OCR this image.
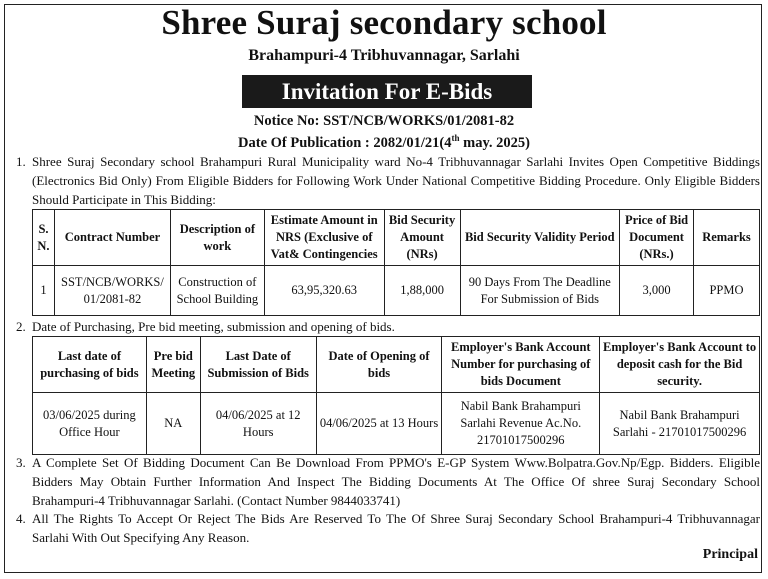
Shree Suraj secondary school
Brahampuri-4 Tribhuvannagar, Sarlahi
Invitation For E-Bids
Notice No: SST/NCB/WORKS/01/2081-82
Date Of Publication : 2082/01/21(4th may. 2025)
1. Shree Suraj Secondary school Brahampuri Rural Municipality ward No-4 Tribhuvannagar Sarlahi Invites Open Competitive Biddings (Electronics Bid Only) From Eligible Bidders for Following Work Under National Competitive Bidding Procedure. Only Eligible Bidders Should Participate in This Bidding:
S. N.	Contract Number	Description of work	Estimate Amount in NRS (Exclusive of Vat& Contingencies	Bid Security Amount (NRs)	Bid Security Validity Period	Price of Bid Document (NRs.)	Remarks
1	SST/NCB/WORKS/ 01/2081-82	Construction of School Building	63,95,320.63	1,88,000	90 Days From The Deadline For Submission of Bids	3,000	PPMO
2. Date of Purchasing, Pre bid meeting, submission and opening of bids.
Last date of purchasing of bids	Pre bid Meeting	Last Date of Submission of Bids	Date of Opening of bids	Employer's Bank Account Number for purchasing of bids Document	Employer's Bank Account to deposit cash for the Bid security.
03/06/2025 during Office Hour	NA	04/06/2025 at 12 Hours	04/06/2025 at 13 Hours	Nabil Bank Brahampuri Sarlahi Revenue Ac.No. 21701017500296	Nabil Bank Brahampuri Sarlahi - 21701017500296
3. A Complete Set Of Bidding Document Can Be Download From PPMO's E-GP System Www.Bolpatra.Gov.Np/Egp. Bidders. Eligible Bidders May Obtain Further Information And Inspect The Bidding Documents At The Office Of shree Suraj Secondary School Brahampuri-4 Tribhuvannagar Sarlahi. (Contact Number 9844033741)
4. All The Rights To Accept Or Reject The Bids Are Reserved To The Of Shree Suraj Secondary School Brahampuri-4 Tribhuvannagar Sarlahi With Out Specifying Any Reason.
Principal
